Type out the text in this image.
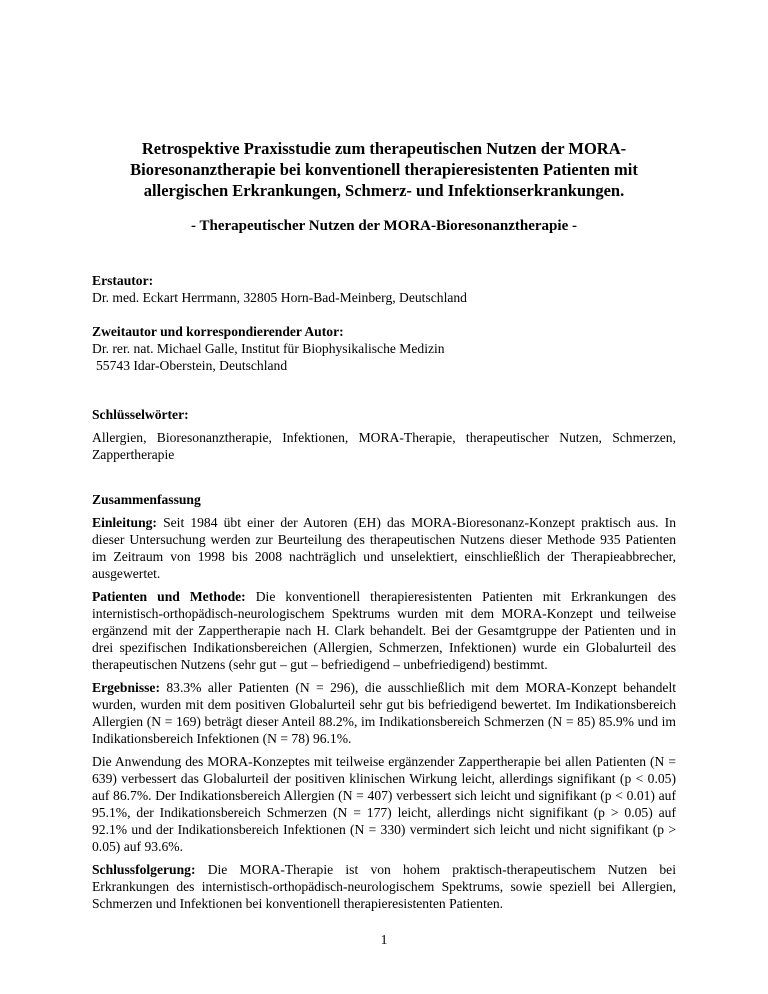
Retrospektive Praxisstudie zum therapeutischen Nutzen der MORA-
Bioresonanztherapie bei konventionell therapieresistenten Patienten mit
allergischen Erkrankungen, Schmerz- und Infektionserkrankungen.
- Therapeutischer Nutzen der MORA-Bioresonanztherapie -
Erstautor:
Dr. med. Eckart Herrmann, 32805 Horn-Bad-Meinberg, Deutschland
Zweitautor und korrespondierender Autor:
Dr. rer. nat. Michael Galle, Institut für Biophysikalische Medizin
55743 Idar-Oberstein, Deutschland
Schlüsselwörter:
Allergien, Bioresonanztherapie, Infektionen, MORA-Therapie, therapeutischer Nutzen, Schmerzen, Zappertherapie
Zusammenfassung

Einleitung: Seit 1984 übt einer der Autoren (EH) das MORA-Bioresonanz-Konzept praktisch aus. In dieser Untersuchung werden zur Beurteilung des therapeutischen Nutzens dieser Methode 935 Patienten im Zeitraum von 1998 bis 2008 nachträglich und unselektiert, einschließlich der Therapieabbrecher, ausgewertet.

Patienten und Methode: Die konventionell therapieresistenten Patienten mit Erkrankungen des internistisch-orthopädisch-neurologischem Spektrums wurden mit dem MORA-Konzept und teilweise ergänzend mit der Zappertherapie nach H. Clark behandelt. Bei der Gesamtgruppe der Patienten und in drei spezifischen Indikationsbereichen (Allergien, Schmerzen, Infektionen) wurde ein Globalurteil des therapeutischen Nutzens (sehr gut – gut – befriedigend – unbefriedigend) bestimmt.

Ergebnisse: 83.3% aller Patienten (N = 296), die ausschließlich mit dem MORA-Konzept behandelt wurden, wurden mit dem positiven Globalurteil sehr gut bis befriedigend bewertet. Im Indikationsbereich Allergien (N = 169) beträgt dieser Anteil 88.2%, im Indikationsbereich Schmerzen (N = 85) 85.9% und im Indikationsbereich Infektionen (N = 78) 96.1%.

Die Anwendung des MORA-Konzeptes mit teilweise ergänzender Zappertherapie bei allen Patienten (N = 639) verbessert das Globalurteil der positiven klinischen Wirkung leicht, allerdings signifikant (p < 0.05) auf 86.7%. Der Indikationsbereich Allergien (N = 407) verbessert sich leicht und signifikant (p < 0.01) auf 95.1%, der Indikationsbereich Schmerzen (N = 177) leicht, allerdings nicht signifikant (p > 0.05) auf 92.1% und der Indikationsbereich Infektionen (N = 330) vermindert sich leicht und nicht signifikant (p > 0.05) auf 93.6%.

Schlussfolgerung: Die MORA-Therapie ist von hohem praktisch-therapeutischem Nutzen bei Erkrankungen des internistisch-orthopädisch-neurologischem Spektrums, sowie speziell bei Allergien, Schmerzen und Infektionen bei konventionell therapieresistenten Patienten.

1
